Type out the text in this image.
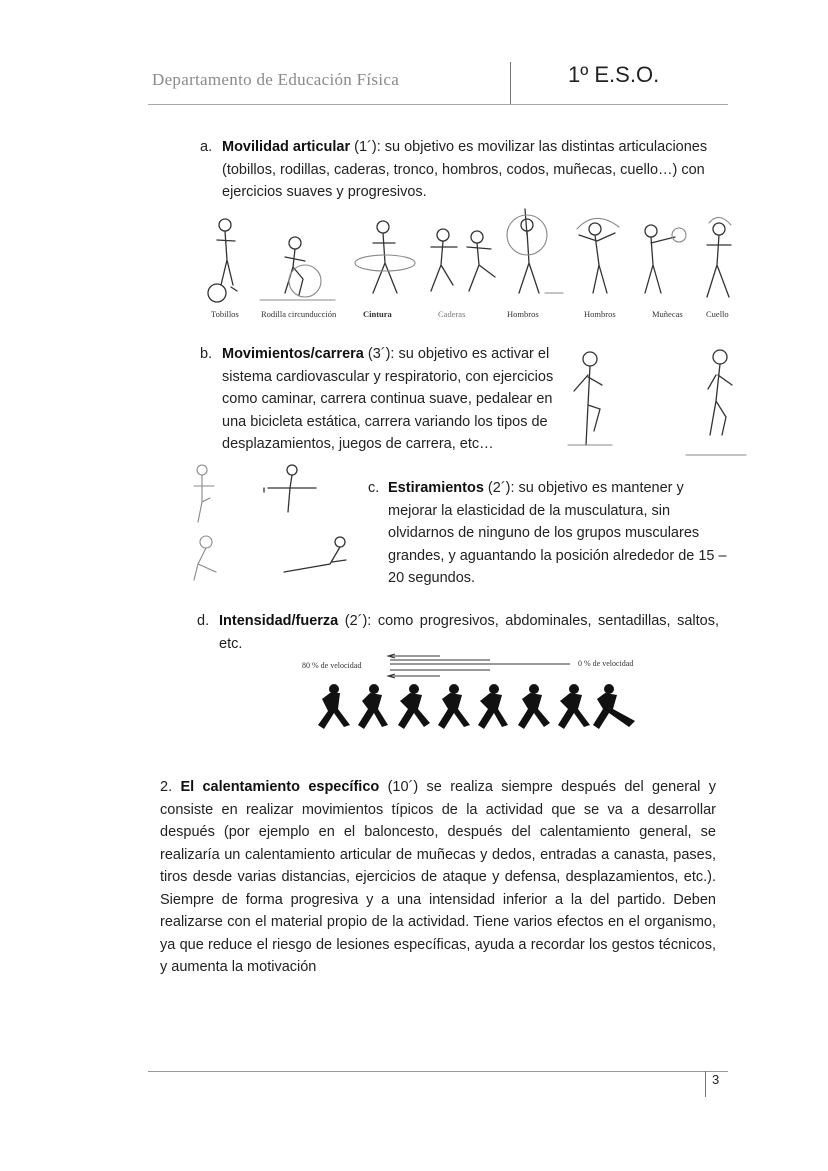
Departamento de Educación Física	1º E.S.O.
a. Movilidad articular (1´): su objetivo es movilizar las distintas articulaciones (tobillos, rodillas, caderas, tronco, hombros, codos, muñecas, cuello…) con ejercicios suaves y progresivos.
Tobillos	Rodilla circunducción	Cintura	Caderas	Hombros	Hombros	Muñecas	Cuello
b. Movimientos/carrera (3´): su objetivo es activar el sistema cardiovascular y respiratorio, con ejercicios como caminar, carrera continua suave, pedalear en una bicicleta estática, carrera variando los tipos de desplazamientos, juegos de carrera, etc…
c. Estiramientos (2´): su objetivo es mantener y mejorar la elasticidad de la musculatura, sin olvidarnos de ninguno de los grupos musculares grandes, y aguantando la posición alrededor de 15 – 20 segundos.
d. Intensidad/fuerza (2´): como progresivos, abdominales, sentadillas, saltos, etc.
80 % de velocidad	0 % de velocidad
2. El calentamiento específico (10´) se realiza siempre después del general y consiste en realizar movimientos típicos de la actividad que se va a desarrollar después (por ejemplo en el baloncesto, después del calentamiento general, se realizaría un calentamiento articular de muñecas y dedos, entradas a canasta, pases, tiros desde varias distancias, ejercicios de ataque y defensa, desplazamientos, etc.). Siempre de forma progresiva y a una intensidad inferior a la del partido. Deben realizarse con el material propio de la actividad. Tiene varios efectos en el organismo, ya que reduce el riesgo de lesiones específicas, ayuda a recordar los gestos técnicos, y aumenta la motivación
3
